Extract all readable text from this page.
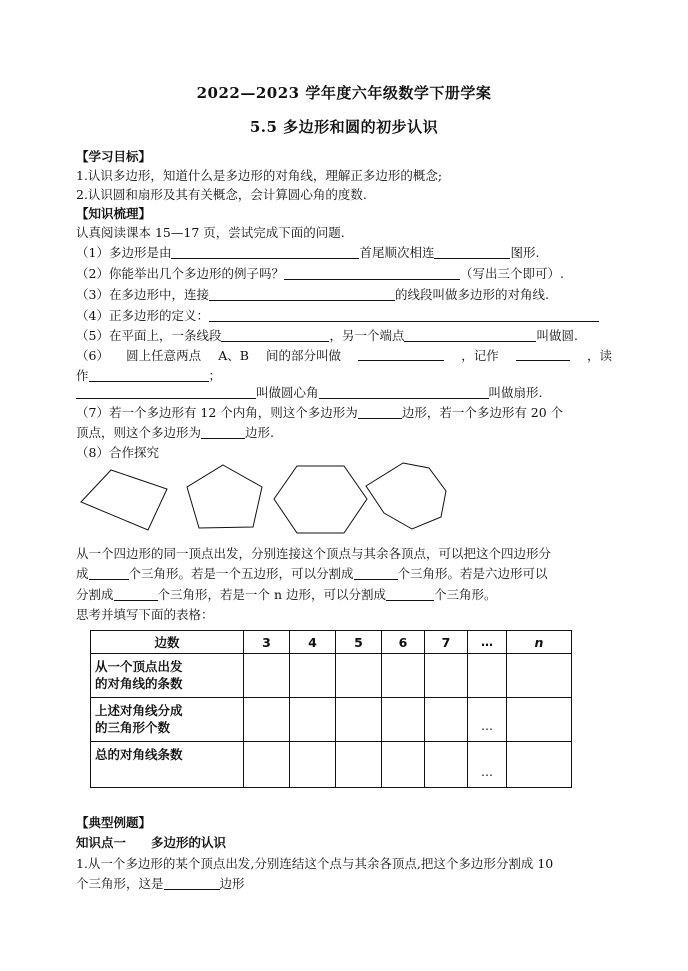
2022—2023 学年度六年级数学下册学案
5.5 多边形和圆的初步认识
【学习目标】
1.认识多边形，知道什么是多边形的对角线，理解正多边形的概念;
2.认识圆和扇形及其有关概念，会计算圆心角的度数.
【知识梳理】
认真阅读课本 15—17 页，尝试完成下面的问题.
（1）多边形是由	首尾顺次相连	图形.
（2）你能举出几个多边形的例子吗？	（写出三个即可）.
（3）在多边形中，连接	的线段叫做多边形的对角线.
（4）正多边形的定义：
（5）在平面上，一条线段	，另一个端点	叫做圆.
（6） 圆上任意两点 A、B 间的部分叫做	，记作	，读
作	；
叫做圆心角	叫做扇形.
（7）若一个多边形有 12 个内角，则这个多边形为	边形，若一个多边形有 20 个
顶点，则这个多边形为	边形.
（8）合作探究
从一个四边形的同一顶点出发，分别连接这个顶点与其余各顶点，可以把这个四边形分
成	个三角形。若是一个五边形，可以分割成	个三角形。若是六边形可以
分割成	个三角形，若是一个 n 边形，可以分割成	个三角形。
思考并填写下面的表格：
边数	3	4	5	6	7	…	n

从一个顶点出发
的对角线的条数							

上述对角线分成
的三角形个数						…	

总的对角线条数						…	
【典型例题】
知识点一　　多边形的认识
1.从一个多边形的某个顶点出发,分别连结这个点与其余各顶点,把这个多边形分割成 10
个三角形，这是	边形
